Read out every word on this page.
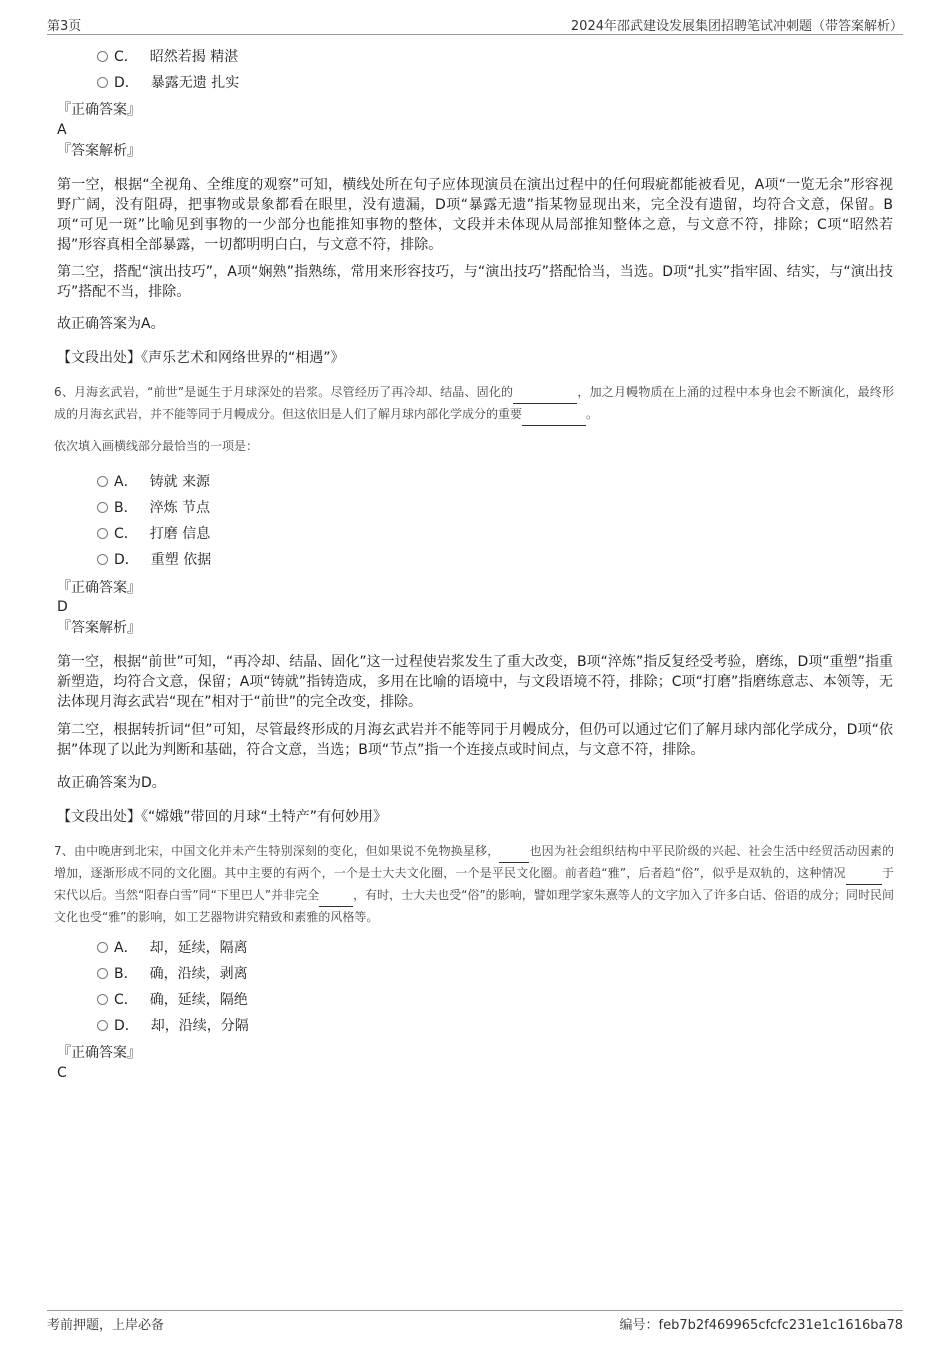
第3页	2024年邵武建设发展集团招聘笔试冲刺题（带答案解析）
C． 昭然若揭 精湛
D． 暴露无遗 扎实
『正确答案』
A
『答案解析』
第一空，根据“全视角、全维度的观察”可知，横线处所在句子应体现演员在演出过程中的任何瑕疵都能被看见，A项“一览无余”形容视野广阔，没有阻碍，把事物或景象都看在眼里，没有遗漏，D项“暴露无遗”指某物显现出来，完全没有遗留，均符合文意，保留。B项“可见一斑”比喻见到事物的一少部分也能推知事物的整体，文段并未体现从局部推知整体之意，与文意不符，排除；C项“昭然若揭”形容真相全部暴露，一切都明明白白，与文意不符，排除。
第二空，搭配“演出技巧”，A项“娴熟”指熟练，常用来形容技巧，与“演出技巧”搭配恰当，当选。D项“扎实”指牢固、结实，与“演出技巧”搭配不当，排除。
故正确答案为A。
【文段出处】《声乐艺术和网络世界的“相遇”》
6、月海玄武岩，“前世”是诞生于月球深处的岩浆。尽管经历了再冷却、结晶、固化的	，加之月幔物质在上涌的过程中本身也会不断演化，最终形成的月海玄武岩，并不能等同于月幔成分。但这依旧是人们了解月球内部化学成分的重要	。
依次填入画横线部分最恰当的一项是：
A． 铸就 来源
B． 淬炼 节点
C． 打磨 信息
D． 重塑 依据
『正确答案』
D
『答案解析』
第一空，根据“前世”可知，“再冷却、结晶、固化”这一过程使岩浆发生了重大改变，B项“淬炼”指反复经受考验，磨练，D项“重塑”指重新塑造，均符合文意，保留；A项“铸就”指铸造成，多用在比喻的语境中，与文段语境不符，排除；C项“打磨”指磨练意志、本领等，无法体现月海玄武岩“现在”相对于“前世”的完全改变，排除。
第二空，根据转折词“但”可知，尽管最终形成的月海玄武岩并不能等同于月幔成分，但仍可以通过它们了解月球内部化学成分，D项“依据”体现了以此为判断和基础，符合文意，当选；B项“节点”指一个连接点或时间点，与文意不符，排除。
故正确答案为D。
【文段出处】《“嫦娥”带回的月球“土特产”有何妙用》
7、由中晚唐到北宋，中国文化并未产生特别深刻的变化，但如果说不免物换星移，	也因为社会组织结构中平民阶级的兴起、社会生活中经贸活动因素的增加，逐渐形成不同的文化圈。其中主要的有两个，一个是士大夫文化圈，一个是平民文化圈。前者趋“雅”，后者趋“俗”，似乎是双轨的，这种情况	于宋代以后。当然“阳春白雪”同“下里巴人”并非完全	，有时，士大夫也受“俗”的影响，譬如理学家朱熹等人的文字加入了许多白话、俗语的成分；同时民间文化也受“雅”的影响，如工艺器物讲究精致和素雅的风格等。
A． 却，延续，隔离
B． 确，沿续，剥离
C． 确，延续，隔绝
D． 却，沿续，分隔
『正确答案』
C
考前押题，上岸必备	编号：feb7b2f469965cfcfc231e1c1616ba78
